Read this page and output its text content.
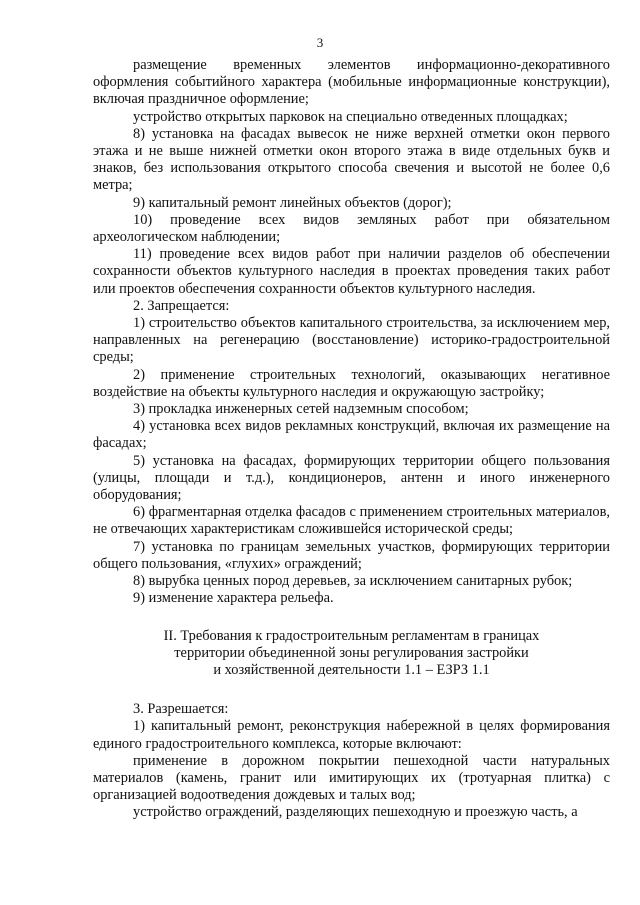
3

размещение временных элементов информационно-декоративного оформления событийного характера (мобильные информационные конструкции), включая праздничное оформление;

устройство открытых парковок на специально отведенных площадках;

8) установка на фасадах вывесок не ниже верхней отметки окон первого этажа и не выше нижней отметки окон второго этажа в виде отдельных букв и знаков, без использования открытого способа свечения и высотой не более 0,6 метра;

9) капитальный ремонт линейных объектов (дорог);

10) проведение всех видов земляных работ при обязательном археологическом наблюдении;

11) проведение всех видов работ при наличии разделов об обеспечении сохранности объектов культурного наследия в проектах проведения таких работ или проектов обеспечения сохранности объектов культурного наследия.

2. Запрещается:

1) строительство объектов капитального строительства, за исключением мер, направленных на регенерацию (восстановление) историко-градостроительной среды;

2) применение строительных технологий, оказывающих негативное воздействие на объекты культурного наследия и окружающую застройку;

3) прокладка инженерных сетей надземным способом;

4) установка всех видов рекламных конструкций, включая их размещение на фасадах;

5) установка на фасадах, формирующих территории общего пользования (улицы, площади и т.д.), кондиционеров, антенн и иного инженерного оборудования;

6) фрагментарная отделка фасадов с применением строительных материалов, не отвечающих характеристикам сложившейся исторической среды;

7) установка по границам земельных участков, формирующих территории общего пользования, «глухих» ограждений;

8) вырубка ценных пород деревьев, за исключением санитарных рубок;

9) изменение характера рельефа.

II. Требования к градостроительным регламентам в границах
территории объединенной зоны регулирования застройки
и хозяйственной деятельности 1.1 – ЕЗРЗ 1.1

3. Разрешается:

1) капитальный ремонт, реконструкция набережной в целях формирования единого градостроительного комплекса, которые включают:

применение в дорожном покрытии пешеходной части натуральных материалов (камень, гранит или имитирующих их (тротуарная плитка) с организацией водоотведения дождевых и талых вод;

устройство ограждений, разделяющих пешеходную и проезжую часть, а
